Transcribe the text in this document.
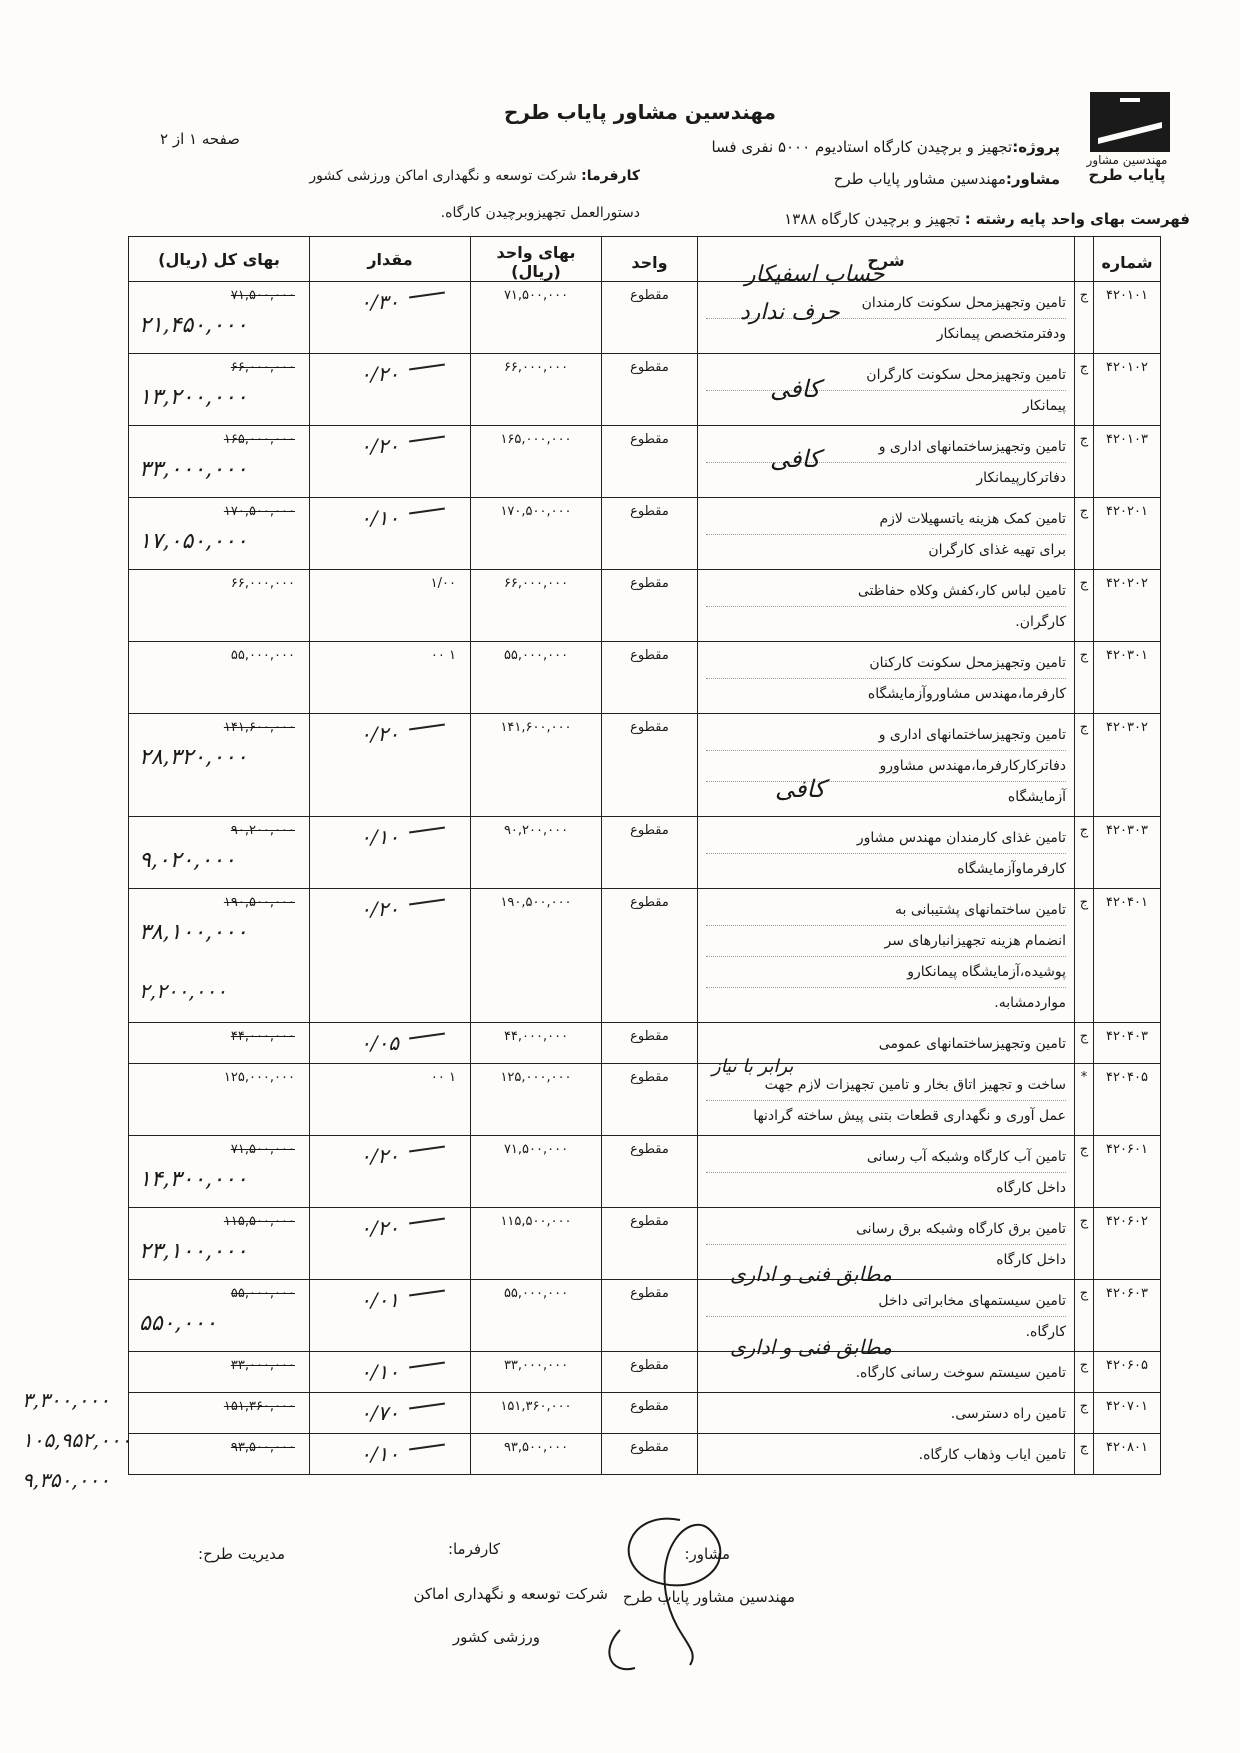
مهندسین مشاور
پایاب طرح
مهندسین مشاور پایاب طرح
صفحه ۱ از ۲	پروژه:تجهیز و برچیدن کارگاه استادیوم ۵۰۰۰ نفری فسا
مشاور:مهندسین مشاور پایاب طرح
کارفرما: شرکت توسعه و نگهداری اماکن ورزشی کشور
فهرست بهای واحد پایه رشته : تجهیز و برچیدن کارگاه ۱۳۸۸
دستورالعمل تجهیزوبرچیدن کارگاه.
شماره		شرح	واحد	بهای واحد (ریال)	مقدار	بهای کل (ریال)
۴۲۰۱۰۱	ج	تامین وتجهیزمحل سکونت کارمندان
ودفترمتخصص پیمانکار	مقطوع	۷۱,۵۰۰,۰۰۰	۰/۳۰	۷۱,۵۰۰,۰۰۰
۲۱,۴۵۰,۰۰۰

۴۲۰۱۰۲	ج	تامین وتجهیزمحل سکونت کارگران
پیمانکار	مقطوع	۶۶,۰۰۰,۰۰۰	۰/۲۰	۶۶,۰۰۰,۰۰۰
۱۳,۲۰۰,۰۰۰

۴۲۰۱۰۳	ج	تامین وتجهیزساختمانهای اداری و
دفاترکارپیمانکار	مقطوع	۱۶۵,۰۰۰,۰۰۰	۰/۲۰	۱۶۵,۰۰۰,۰۰۰
۳۳,۰۰۰,۰۰۰

۴۲۰۲۰۱	ج	تامین کمک هزینه یاتسهیلات لازم
برای تهیه غذای کارگران	مقطوع	۱۷۰,۵۰۰,۰۰۰	۰/۱۰	۱۷۰,۵۰۰,۰۰۰
۱۷,۰۵۰,۰۰۰

۴۲۰۲۰۲	ج	تامین لباس کار،کفش وکلاه حفاظتی
کارگران.	مقطوع	۶۶,۰۰۰,۰۰۰	۱/۰۰	۶۶,۰۰۰,۰۰۰

۴۲۰۳۰۱	ج	تامین وتجهیزمحل سکونت کارکنان
کارفرما،مهندس مشاوروآزمایشگاه	مقطوع	۵۵,۰۰۰,۰۰۰	۰۰ ۱	۵۵,۰۰۰,۰۰۰

۴۲۰۳۰۲	ج	تامین وتجهیزساختمانهای اداری و
دفاترکارکارفرما،مهندس مشاورو
آزمایشگاه	مقطوع	۱۴۱,۶۰۰,۰۰۰	۰/۲۰	۱۴۱,۶۰۰,۰۰۰
۲۸,۳۲۰,۰۰۰

۴۲۰۳۰۳	ج	تامین غذای کارمندان مهندس مشاور
کارفرماوآزمایشگاه	مقطوع	۹۰,۲۰۰,۰۰۰	۰/۱۰	۹۰,۲۰۰,۰۰۰
۹,۰۲۰,۰۰۰

۴۲۰۴۰۱	ج	تامین ساختمانهای پشتیبانی به
انضمام هزینه تجهیزانبارهای سر
پوشیده،آزمایشگاه پیمانکارو
مواردمشابه.	مقطوع	۱۹۰,۵۰۰,۰۰۰	۰/۲۰	۱۹۰,۵۰۰,۰۰۰
۳۸,۱۰۰,۰۰۰
۲,۲۰۰,۰۰۰

۴۲۰۴۰۳	ج	تامین وتجهیزساختمانهای عمومی	مقطوع	۴۴,۰۰۰,۰۰۰	۰/۰۵	۴۴,۰۰۰,۰۰۰

۴۲۰۴۰۵	*	ساخت و تجهیز اتاق بخار و تامین تجهیزات لازم جهت
عمل آوری و نگهداری قطعات بتنی پیش ساخته گرادنها	مقطوع	۱۲۵,۰۰۰,۰۰۰	۰۰ ۱	۱۲۵,۰۰۰,۰۰۰

۴۲۰۶۰۱	ج	تامین آب کارگاه وشبکه آب رسانی
داخل کارگاه	مقطوع	۷۱,۵۰۰,۰۰۰	۰/۲۰	۷۱,۵۰۰,۰۰۰
۱۴,۳۰۰,۰۰۰

۴۲۰۶۰۲	ج	تامین برق کارگاه وشبکه برق رسانی
داخل کارگاه	مقطوع	۱۱۵,۵۰۰,۰۰۰	۰/۲۰	۱۱۵,۵۰۰,۰۰۰
۲۳,۱۰۰,۰۰۰

۴۲۰۶۰۳	ج	تامین سیستمهای مخابراتی داخل
کارگاه.	مقطوع	۵۵,۰۰۰,۰۰۰	۰/۰۱	۵۵,۰۰۰,۰۰۰
۵۵۰,۰۰۰

۴۲۰۶۰۵	ج	تامین سیستم سوخت رسانی کارگاه.	مقطوع	۳۳,۰۰۰,۰۰۰	۰/۱۰	۳۳,۰۰۰,۰۰۰

۴۲۰۷۰۱	ج	تامین راه دسترسی.	مقطوع	۱۵۱,۳۶۰,۰۰۰	۰/۷۰	۱۵۱,۳۶۰,۰۰۰

۴۲۰۸۰۱	ج	تامین ایاب وذهاب کارگاه.	مقطوع	۹۳,۵۰۰,۰۰۰	۰/۱۰	۹۳,۵۰۰,۰۰۰
حساب اسفیکار
حرف ندارد
کافی
کافی
کافی
برابر با نیاز
مطابق فنی و اداری
مطابق فنی و اداری
۳,۳۰۰,۰۰۰
۱۰۵,۹۵۲,۰۰۰
۹,۳۵۰,۰۰۰
مشاور:
کارفرما:
مدیریت طرح:
مهندسین مشاور پایاب طرح
شرکت توسعه و نگهداری اماکن
ورزشی کشور
